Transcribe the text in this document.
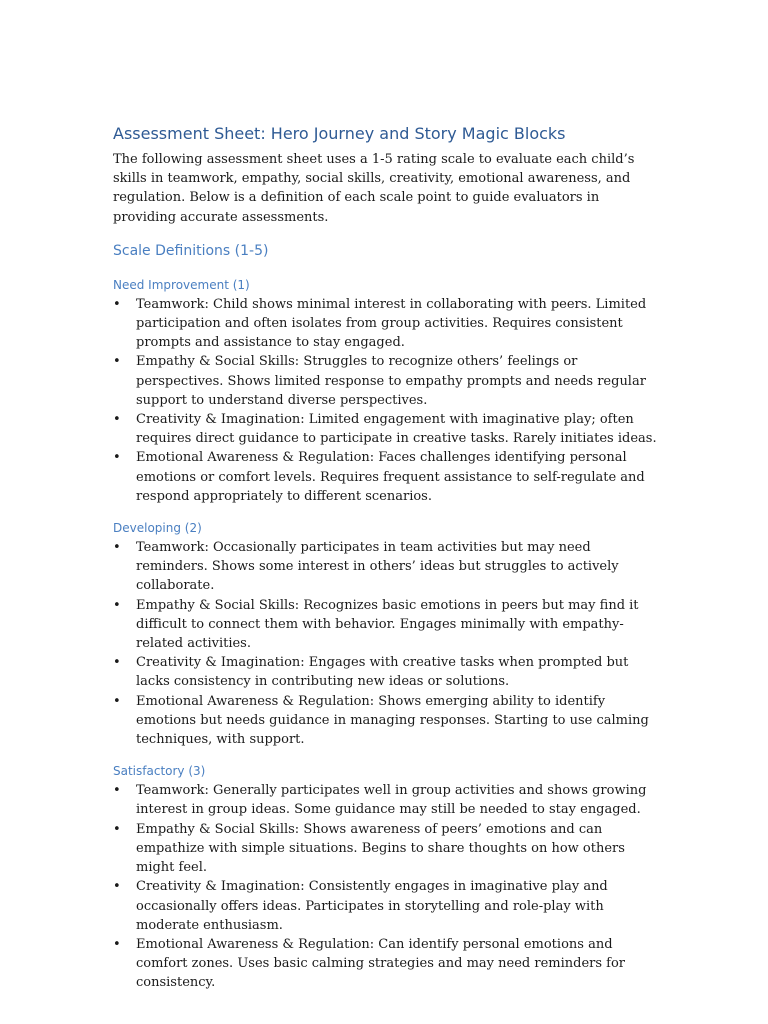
Assessment Sheet: Hero Journey and Story Magic Blocks

The following assessment sheet uses a 1-5 rating scale to evaluate each child’s skills in teamwork, empathy, social skills, creativity, emotional awareness, and regulation. Below is a definition of each scale point to guide evaluators in providing accurate assessments.

Scale Definitions (1-5)
Need Improvement (1)
•	Teamwork: Child shows minimal interest in collaborating with peers. Limited participation and often isolates from group activities. Requires consistent prompts and assistance to stay engaged.
•	Empathy & Social Skills: Struggles to recognize others’ feelings or perspectives. Shows limited response to empathy prompts and needs regular support to understand diverse perspectives.
•	Creativity & Imagination: Limited engagement with imaginative play; often requires direct guidance to participate in creative tasks. Rarely initiates ideas.
•	Emotional Awareness & Regulation: Faces challenges identifying personal emotions or comfort levels. Requires frequent assistance to self-regulate and respond appropriately to different scenarios.
Developing (2)
•	Teamwork: Occasionally participates in team activities but may need reminders. Shows some interest in others’ ideas but struggles to actively collaborate.
•	Empathy & Social Skills: Recognizes basic emotions in peers but may find it difficult to connect them with behavior. Engages minimally with empathy-related activities.
•	Creativity & Imagination: Engages with creative tasks when prompted but lacks consistency in contributing new ideas or solutions.
•	Emotional Awareness & Regulation: Shows emerging ability to identify emotions but needs guidance in managing responses. Starting to use calming techniques, with support.
Satisfactory (3)
•	Teamwork: Generally participates well in group activities and shows growing interest in group ideas. Some guidance may still be needed to stay engaged.
•	Empathy & Social Skills: Shows awareness of peers’ emotions and can empathize with simple situations. Begins to share thoughts on how others might feel.
•	Creativity & Imagination: Consistently engages in imaginative play and occasionally offers ideas. Participates in storytelling and role-play with moderate enthusiasm.
•	Emotional Awareness & Regulation: Can identify personal emotions and comfort zones. Uses basic calming strategies and may need reminders for consistency.
